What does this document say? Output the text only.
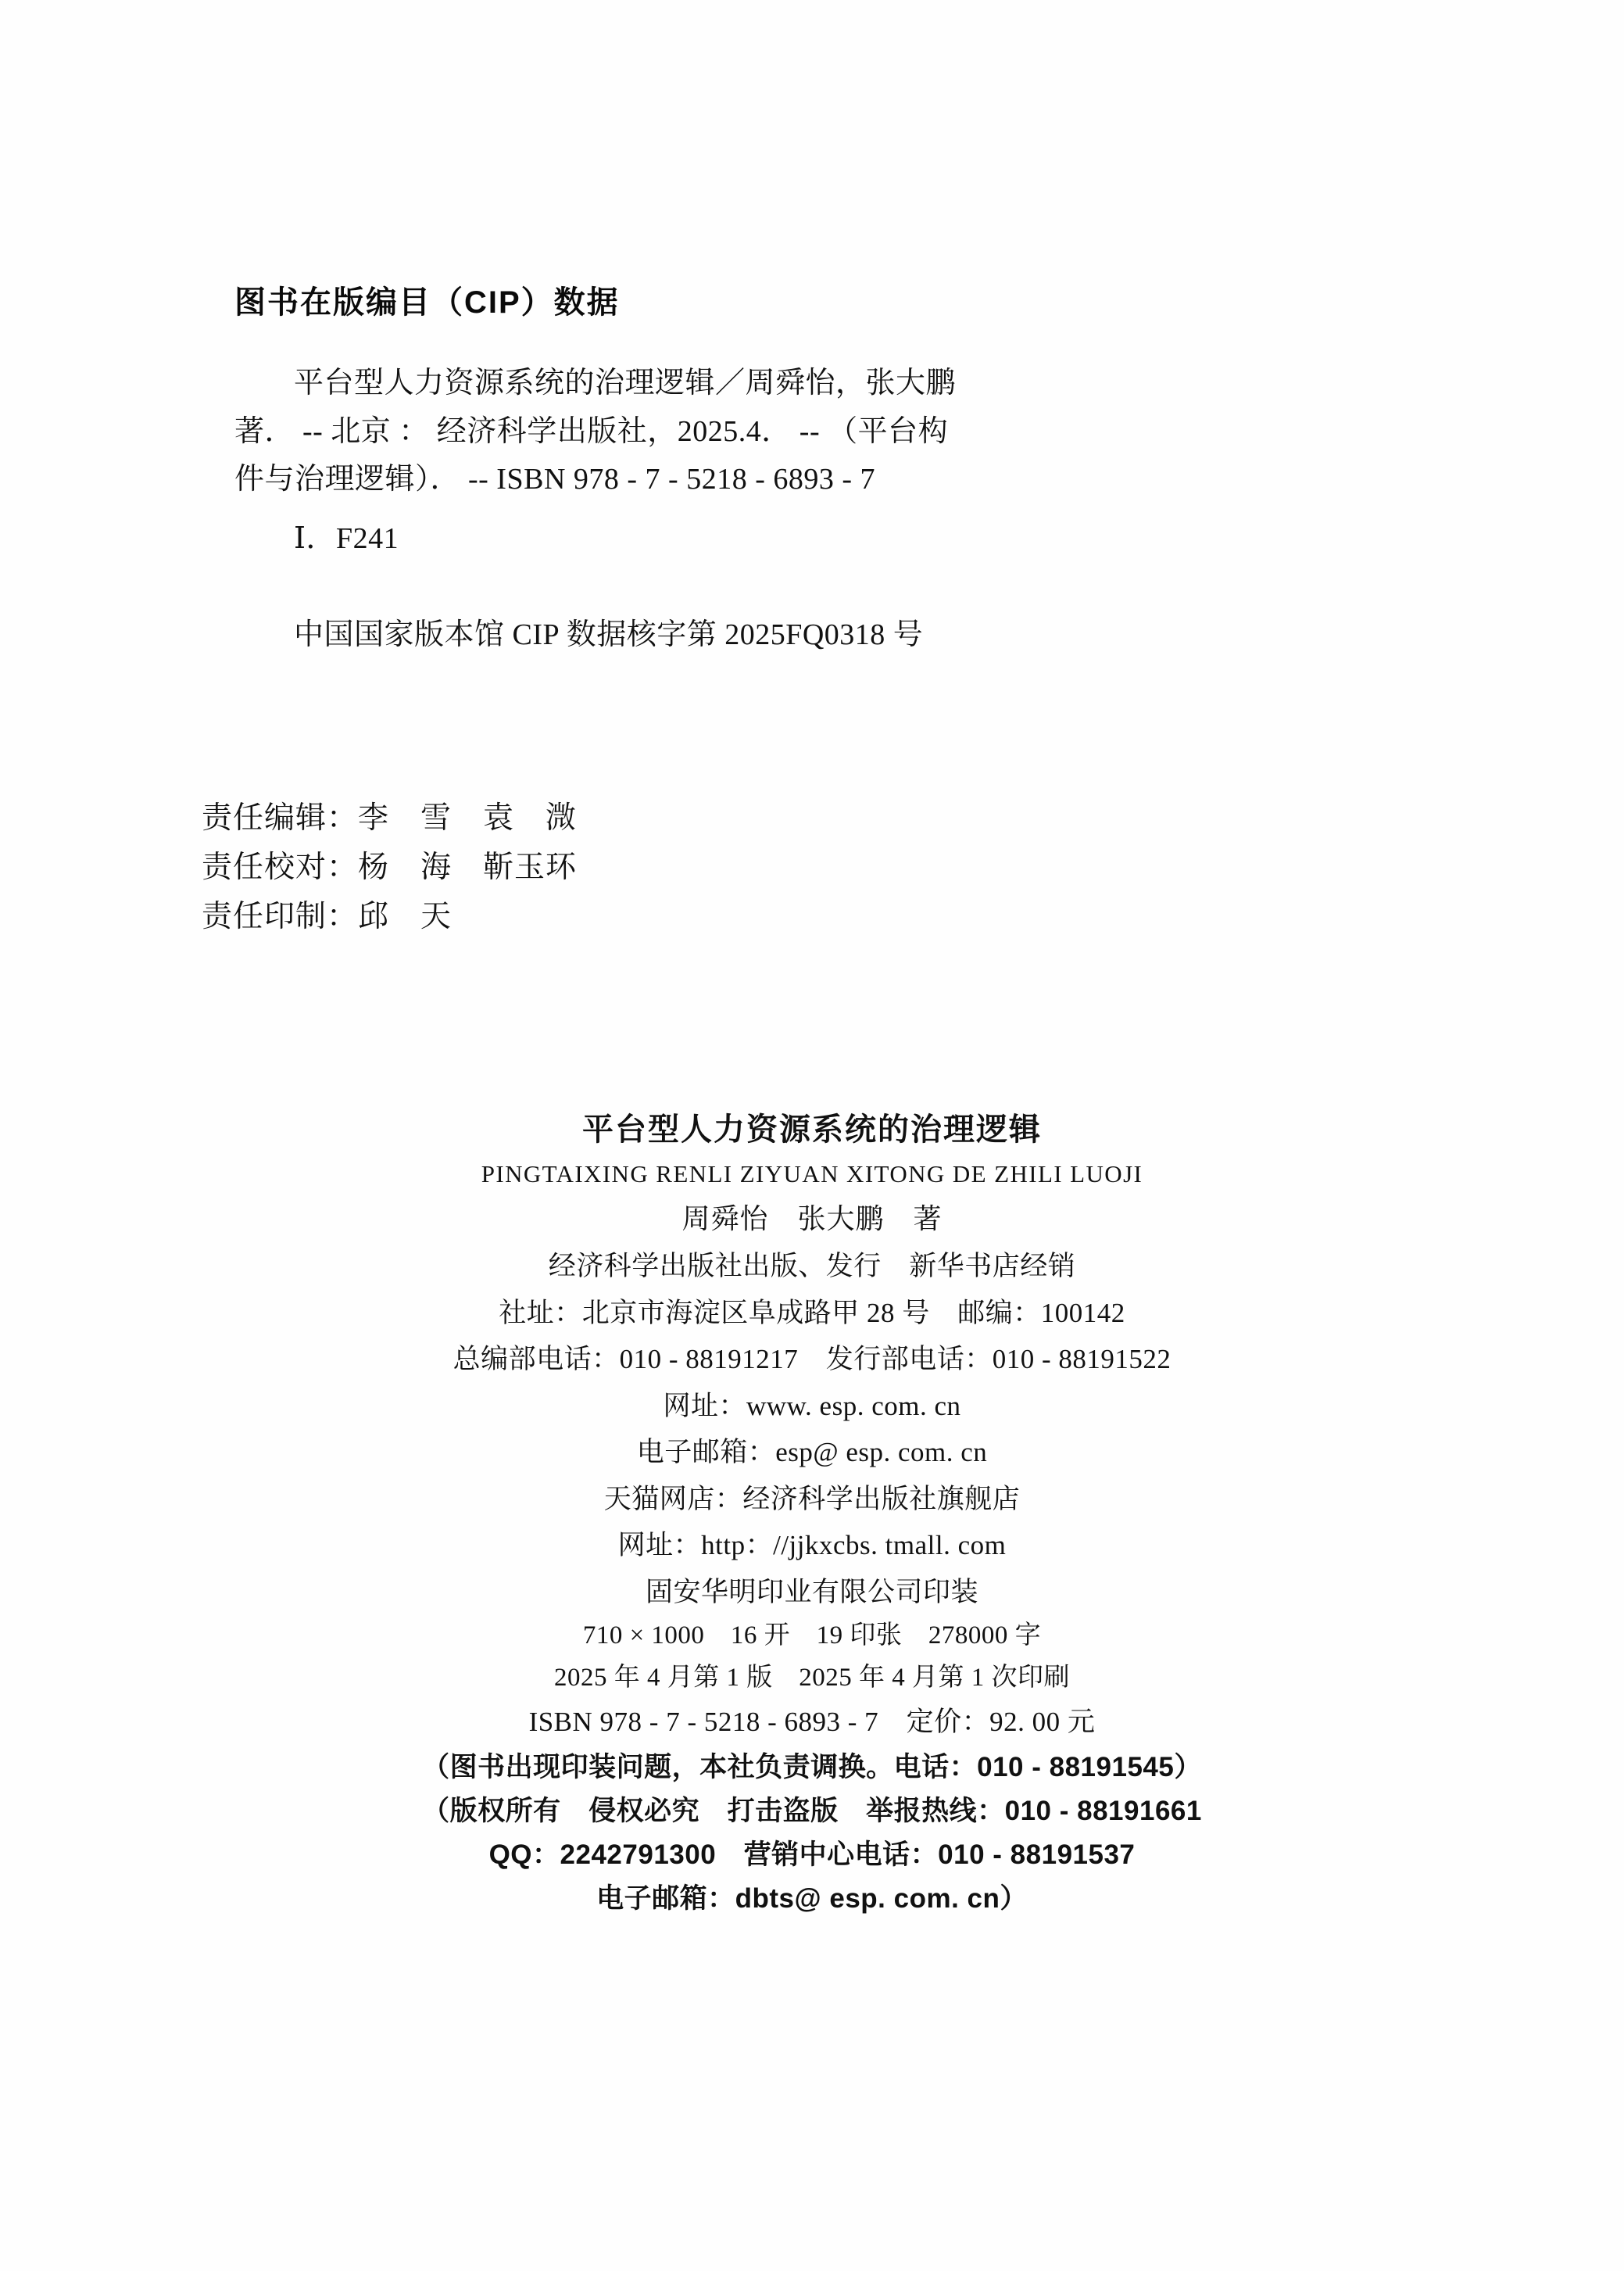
图书在版编目（CIP）数据
平台型人力资源系统的治理逻辑／周舜怡，张大鹏
著． -- 北京 ： 经济科学出版社，2025.4． -- （平台构
件与治理逻辑）． -- ISBN 978 - 7 - 5218 - 6893 - 7
Ⅰ．F241
中国国家版本馆 CIP 数据核字第 2025FQ0318 号
责任编辑：李　雪　袁　溦
责任校对：杨　海　靳玉环
责任印制：邱　天
平台型人力资源系统的治理逻辑
PINGTAIXING RENLI ZIYUAN XITONG DE ZHILI LUOJI
周舜怡　张大鹏　著
经济科学出版社出版、发行　新华书店经销
社址：北京市海淀区阜成路甲 28 号　邮编：100142
总编部电话：010 - 88191217　发行部电话：010 - 88191522
网址：www. esp. com. cn
电子邮箱：esp@ esp. com. cn
天猫网店：经济科学出版社旗舰店
网址：http：//jjkxcbs. tmall. com
固安华明印业有限公司印装
710 × 1000　16 开　19 印张　278000 字
2025 年 4 月第 1 版　2025 年 4 月第 1 次印刷
ISBN 978 - 7 - 5218 - 6893 - 7　定价：92. 00 元
（图书出现印装问题，本社负责调换。电话：010 - 88191545）
（版权所有　侵权必究　打击盗版　举报热线：010 - 88191661
QQ：2242791300　营销中心电话：010 - 88191537
电子邮箱：dbts@ esp. com. cn）
